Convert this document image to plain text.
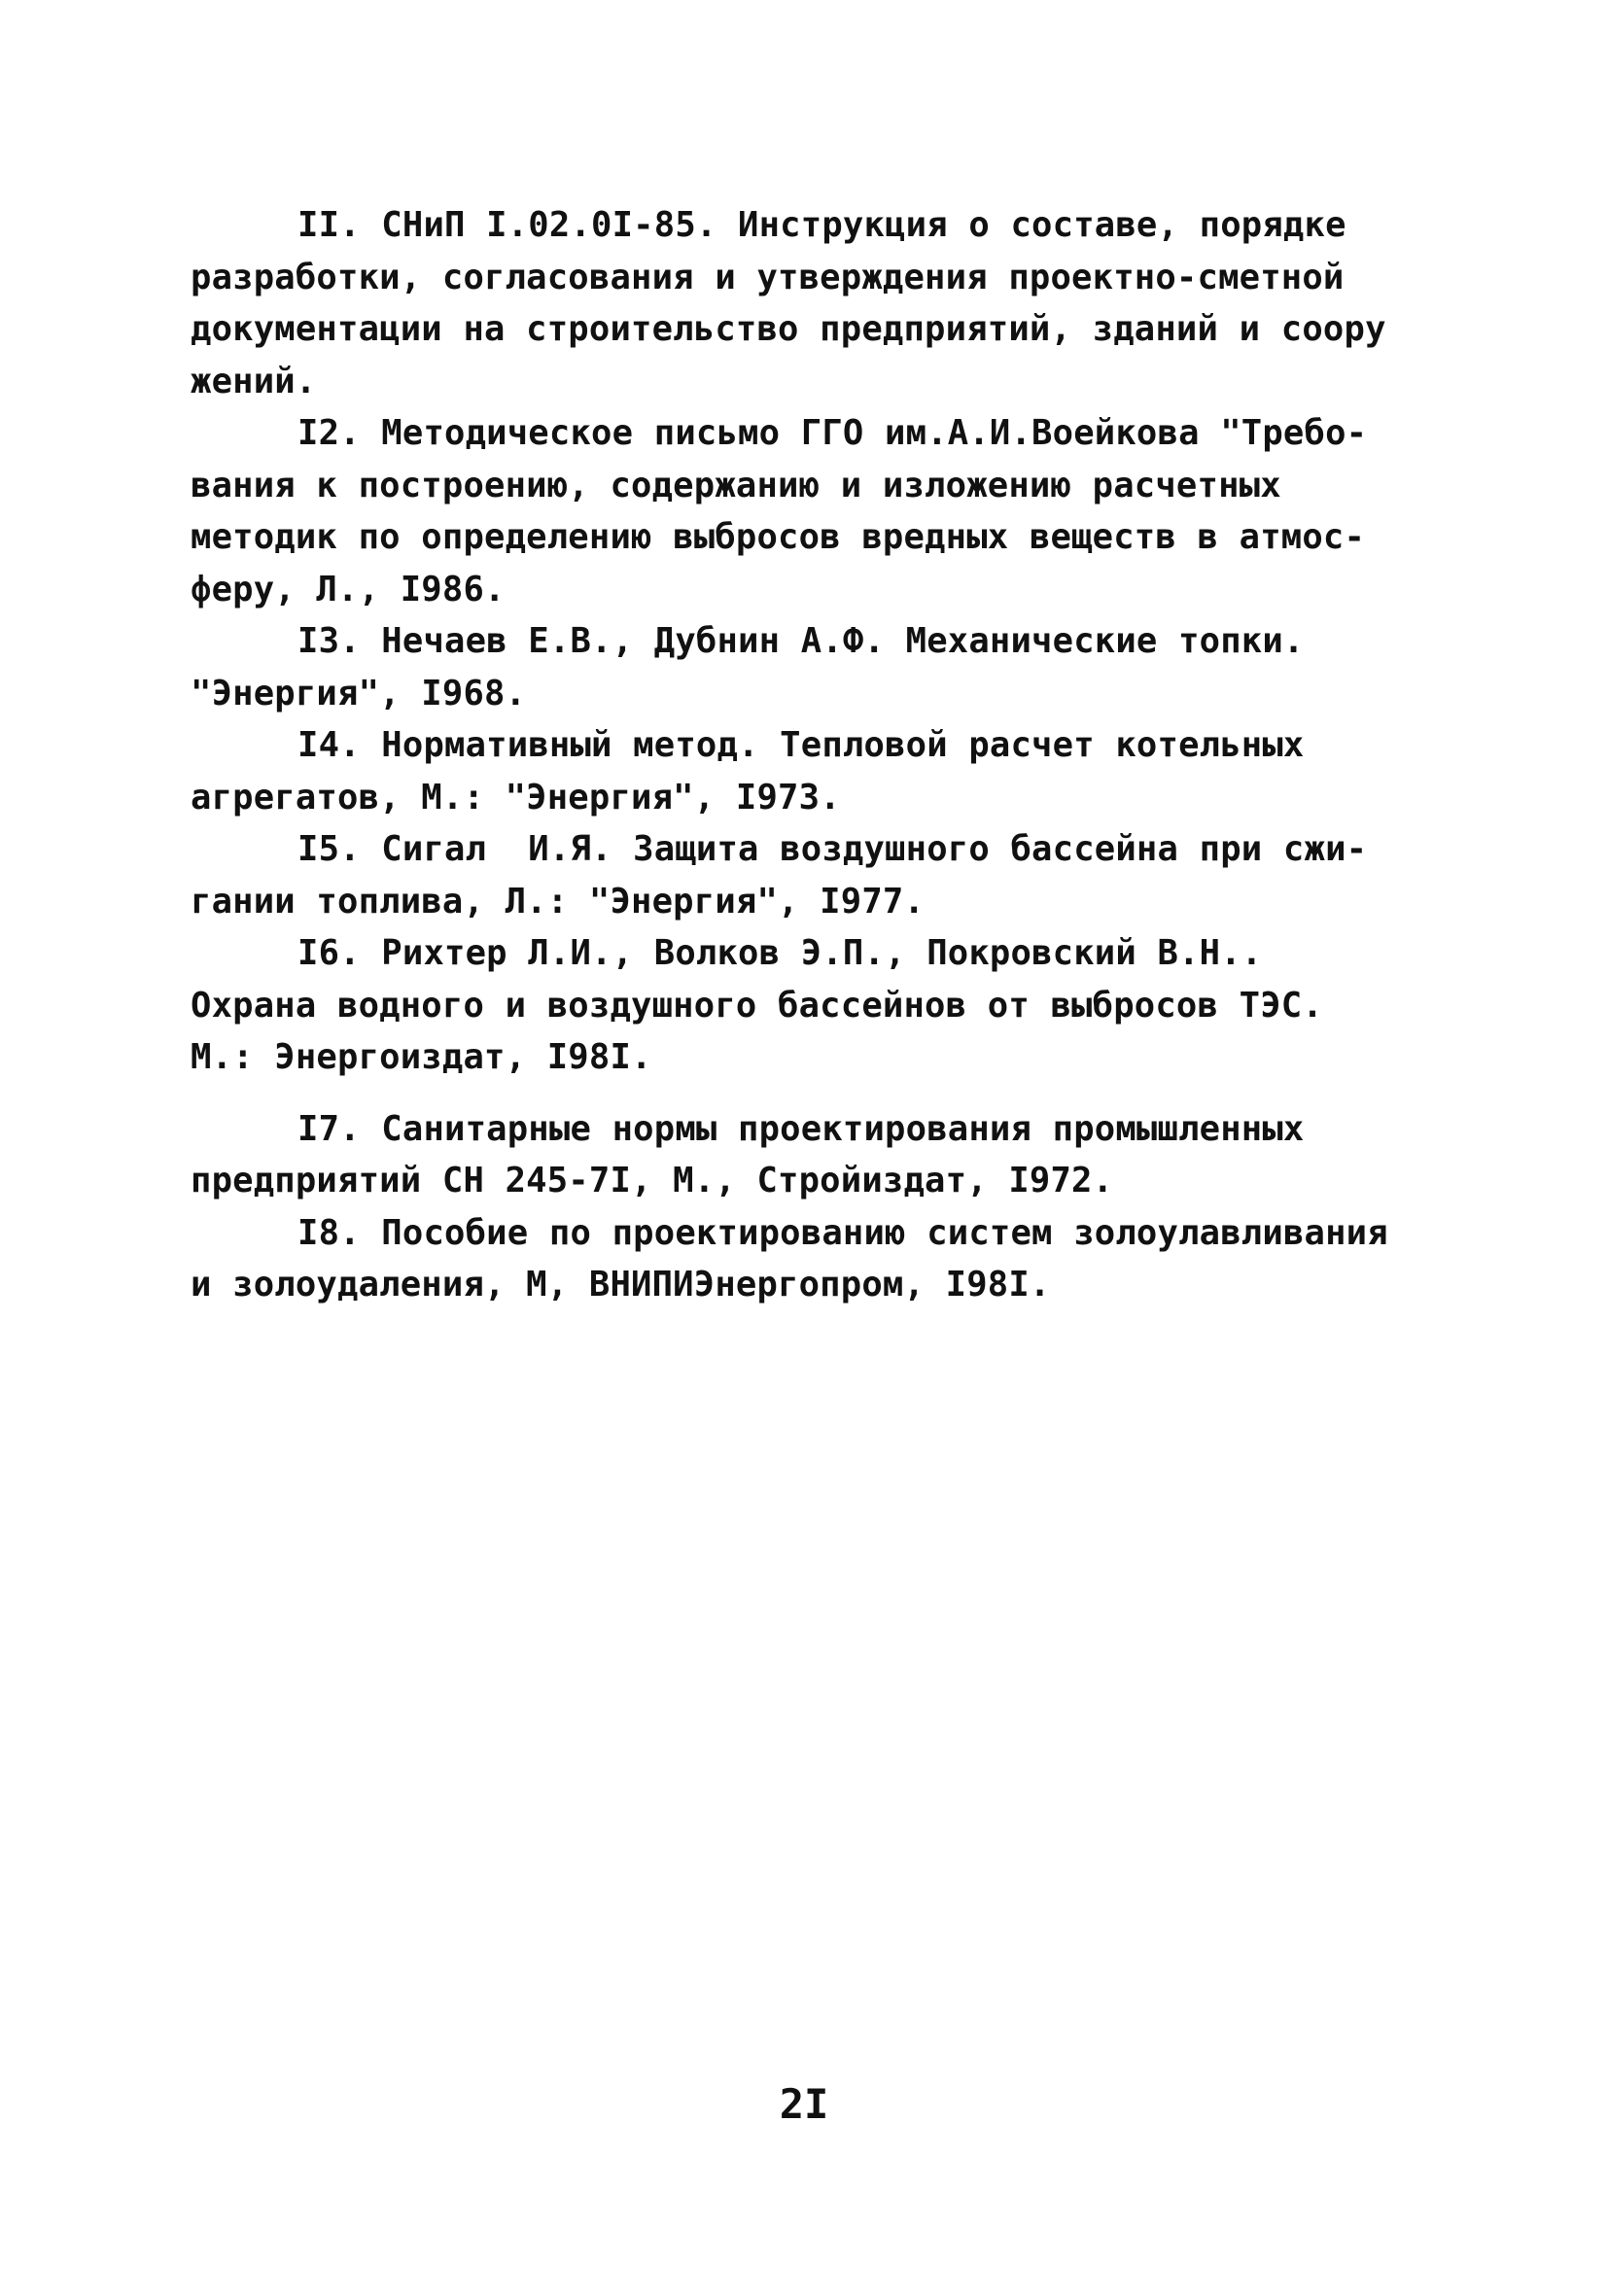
II. СНиП I.02.0I-85. Инструкция о составе, порядке
разработки, согласования и утверждения проектно-сметной
документации на строительство предприятий, зданий и соору
жений.
I2. Методическое письмо ГГО им.А.И.Воейкова "Требо-
вания к построению, содержанию и изложению расчетных
методик по определению выбросов вредных веществ в атмос-
феру, Л., I986.
I3. Нечаев Е.В., Дубнин А.Ф. Механические топки.
"Энергия", I968.
I4. Нормативный метод. Тепловой расчет котельных
агрегатов, М.: "Энергия", I973.
I5. Сигал  И.Я. Защита воздушного бассейна при сжи-
гании топлива, Л.: "Энергия", I977.
I6. Рихтер Л.И., Волков Э.П., Покровский В.Н..
Охрана водного и воздушного бассейнов от выбросов ТЭС.
М.: Энергоиздат, I98I.
I7. Санитарные нормы проектирования промышленных
предприятий СН 245-7I, М., Стройиздат, I972.
I8. Пособие по проектированию систем золоулавливания
и золоудаления, М, ВНИПИЭнергопром, I98I.
2I
